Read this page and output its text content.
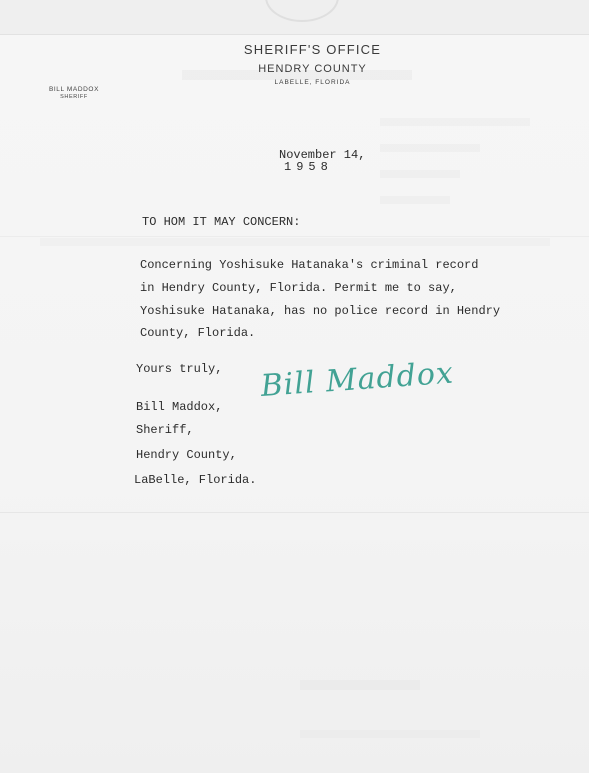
SHERIFF'S OFFICE
HENDRY COUNTY
LABELLE, FLORIDA
BILL MADDOX
SHERIFF
November 14,
1958
TO HOM IT MAY CONCERN:
Concerning Yoshisuke Hatanaka's criminal record
in Hendry County, Florida. Permit me to say,
Yoshisuke Hatanaka, has no police record in Hendry
County, Florida.
Yours truly, Bill Maddox
Bill Maddox,
Sheriff,
Hendry County,
LaBelle, Florida.
